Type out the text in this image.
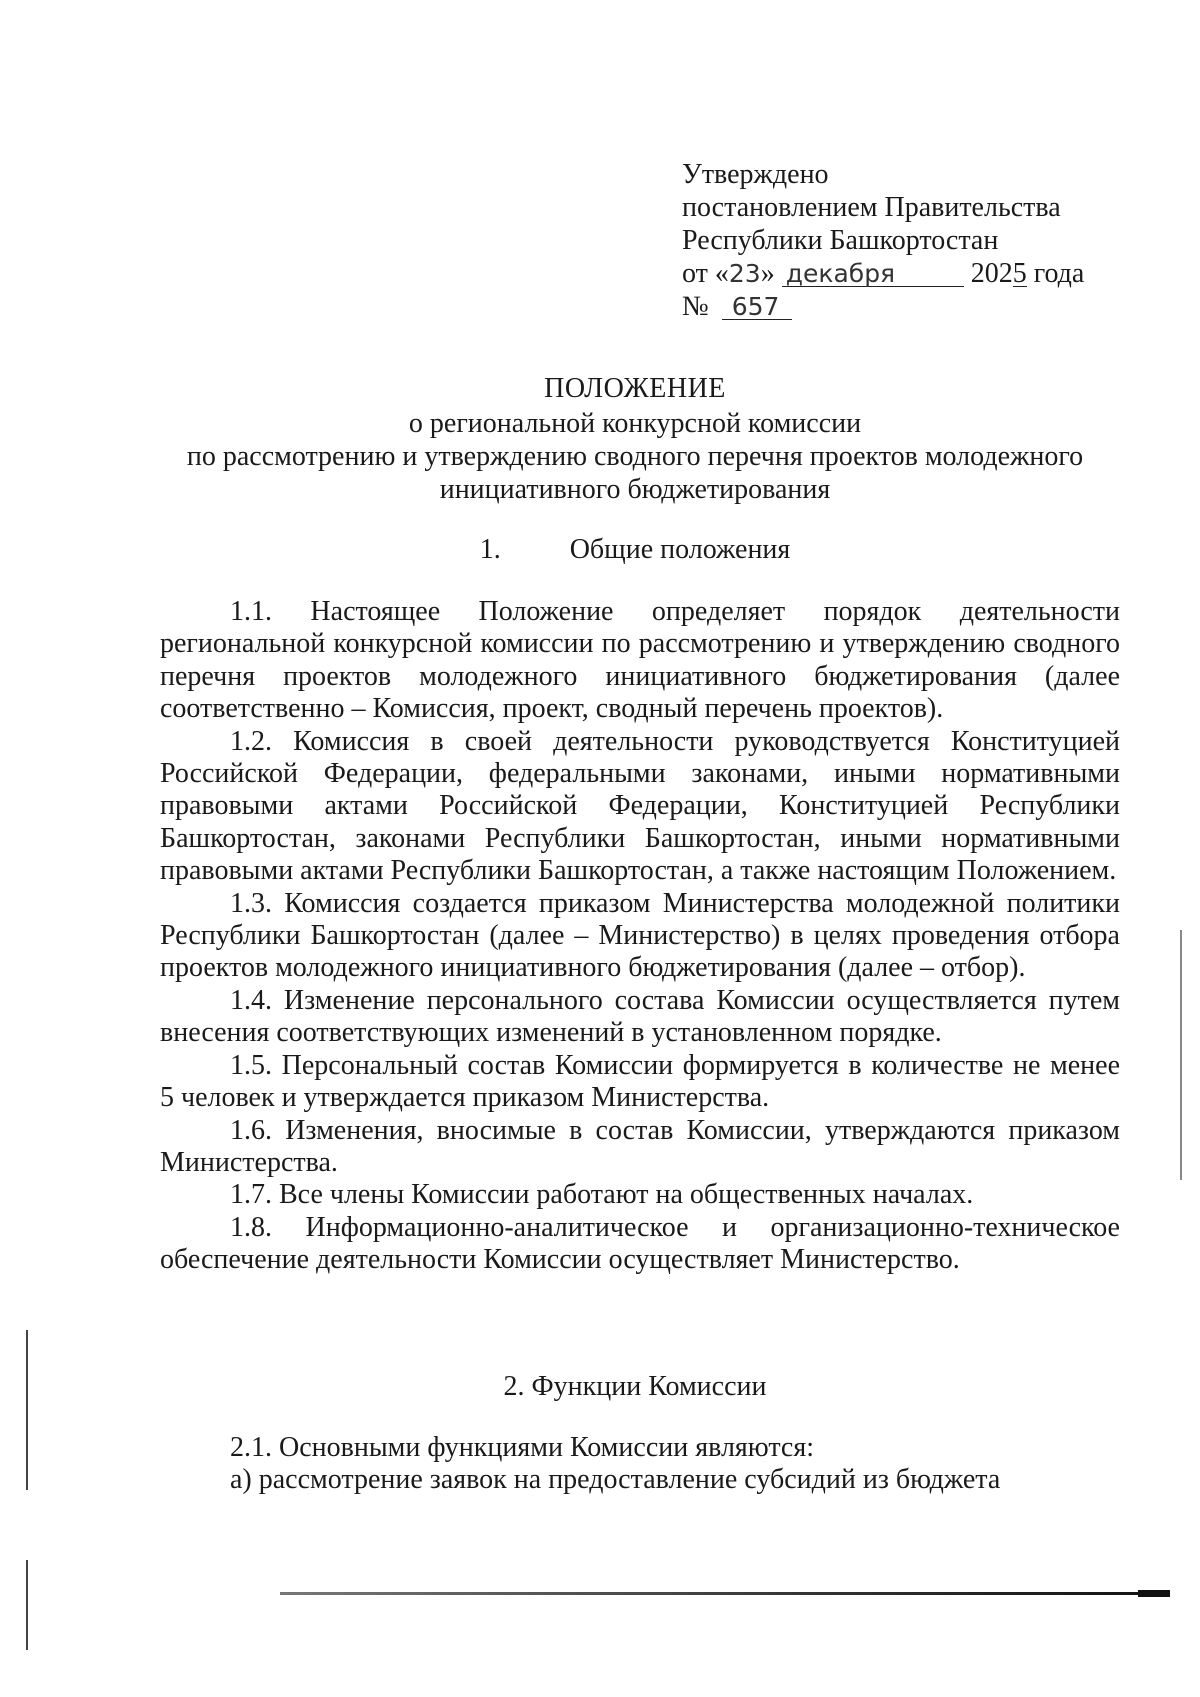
Утверждено
постановлением Правительства
Республики Башкортостан
от «23» декабря	2025 года
№ 657
ПОЛОЖЕНИЕ
о региональной конкурсной комиссии
по рассмотрению и утверждению сводного перечня проектов молодежного
инициативного бюджетирования
1. Общие положения

1.1. Настоящее Положение определяет порядок деятельности региональной конкурсной комиссии по рассмотрению и утверждению сводного перечня проектов молодежного инициативного бюджетирования (далее соответственно – Комиссия, проект, сводный перечень проектов).

1.2. Комиссия в своей деятельности руководствуется Конституцией Российской Федерации, федеральными законами, иными нормативными правовыми актами Российской Федерации, Конституцией Республики Башкортостан, законами Республики Башкортостан, иными нормативными правовыми актами Республики Башкортостан, а также настоящим Положением.

1.3. Комиссия создается приказом Министерства молодежной политики Республики Башкортостан (далее – Министерство) в целях проведения отбора проектов молодежного инициативного бюджетирования (далее – отбор).

1.4. Изменение персонального состава Комиссии осуществляется путем внесения соответствующих изменений в установленном порядке.

1.5. Персональный состав Комиссии формируется в количестве не менее 5 человек и утверждается приказом Министерства.

1.6. Изменения, вносимые в состав Комиссии, утверждаются приказом Министерства.

1.7. Все члены Комиссии работают на общественных началах.

1.8. Информационно-аналитическое и организационно-техническое обеспечение деятельности Комиссии осуществляет Министерство.

2. Функции Комиссии

2.1. Основными функциями Комиссии являются:

а) рассмотрение заявок на предоставление субсидий из бюджета
